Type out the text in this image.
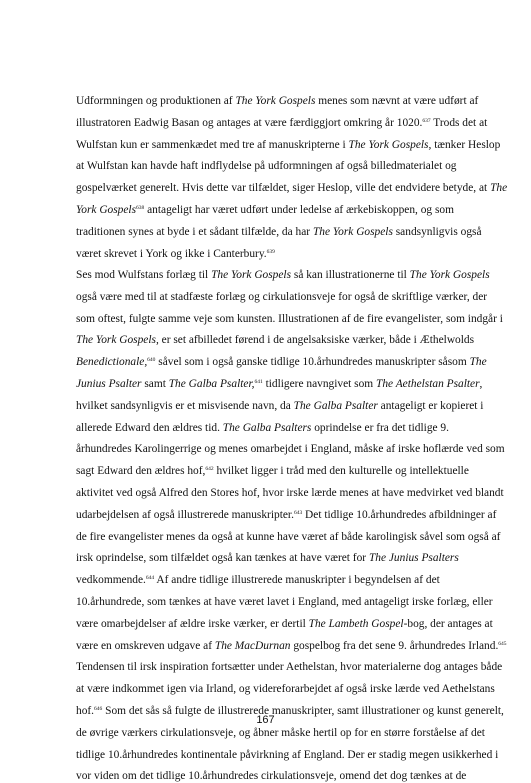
Udformningen og produktionen af The York Gospels menes som nævnt at være udført af
illustratoren Eadwig Basan og antages at være færdiggjort omkring år 1020.$^{637}$ Trods det at
Wulfstan kun er sammenkædet med tre af manuskripterne i The York Gospels, tænker Heslop
at Wulfstan kan havde haft indflydelse på udformningen af også billedmaterialet og
gospelværket generelt. Hvis dette var tilfældet, siger Heslop, ville det endvidere betyde, at The
York Gospels$^{638}$ antageligt har været udført under ledelse af ærkebiskoppen, og som
traditionen synes at byde i et sådant tilfælde, da har The York Gospels sandsynligvis også
været skrevet i York og ikke i Canterbury.$^{639}$
Ses mod Wulfstans forlæg til The York Gospels så kan illustrationerne til The York Gospels
også være med til at stadfæste forlæg og cirkulationsveje for også de skriftlige værker, der
som oftest, fulgte samme veje som kunsten. Illustrationen af de fire evangelister, som indgår i
The York Gospels, er set afbilledet førend i de angelsaksiske værker, både i Æthelwolds
Benedictionale,$^{640}$ såvel som i også ganske tidlige 10.århundredes manuskripter såsom The
Junius Psalter samt The Galba Psalter,$^{641}$ tidligere navngivet som The Aethelstan Psalter,
hvilket sandsynligvis er et misvisende navn, da The Galba Psalter antageligt er kopieret i
allerede Edward den ældres tid. The Galba Psalters oprindelse er fra det tidlige 9.
århundredes Karolingerrige og menes omarbejdet i England, måske af irske hoflærde ved som
sagt Edward den ældres hof,$^{642}$ hvilket ligger i tråd med den kulturelle og intellektuelle
aktivitet ved også Alfred den Stores hof, hvor irske lærde menes at have medvirket ved blandt
udarbejdelsen af også illustrerede manuskripter.$^{643}$ Det tidlige 10.århundredes afbildninger af
de fire evangelister menes da også at kunne have været af både karolingisk såvel som også af
irsk oprindelse, som tilfældet også kan tænkes at have været for The Junius Psalters
vedkommende.$^{644}$ Af andre tidlige illustrerede manuskripter i begyndelsen af det
10.århundrede, som tænkes at have været lavet i England, med antageligt irske forlæg, eller
være omarbejdelser af ældre irske værker, er dertil The Lambeth Gospel-bog, der antages at
være en omskreven udgave af The MacDurnan gospelbog fra det sene 9. århundredes Irland.$^{645}$
Tendensen til irsk inspiration fortsætter under Aethelstan, hvor materialerne dog antages både
at være indkommet igen via Irland, og videreforarbejdet af også irske lærde ved Aethelstans
hof.$^{646}$ Som det sås så fulgte de illustrerede manuskripter, samt illustrationer og kunst generelt,
de øvrige værkers cirkulationsveje, og åbner måske hertil op for en større forståelse af det
tidlige 10.århundredes kontinentale påvirkning af England. Der er stadig megen usikkerhed i
vor viden om det tidlige 10.århundredes cirkulationsveje, omend det dog tænkes at de
167
